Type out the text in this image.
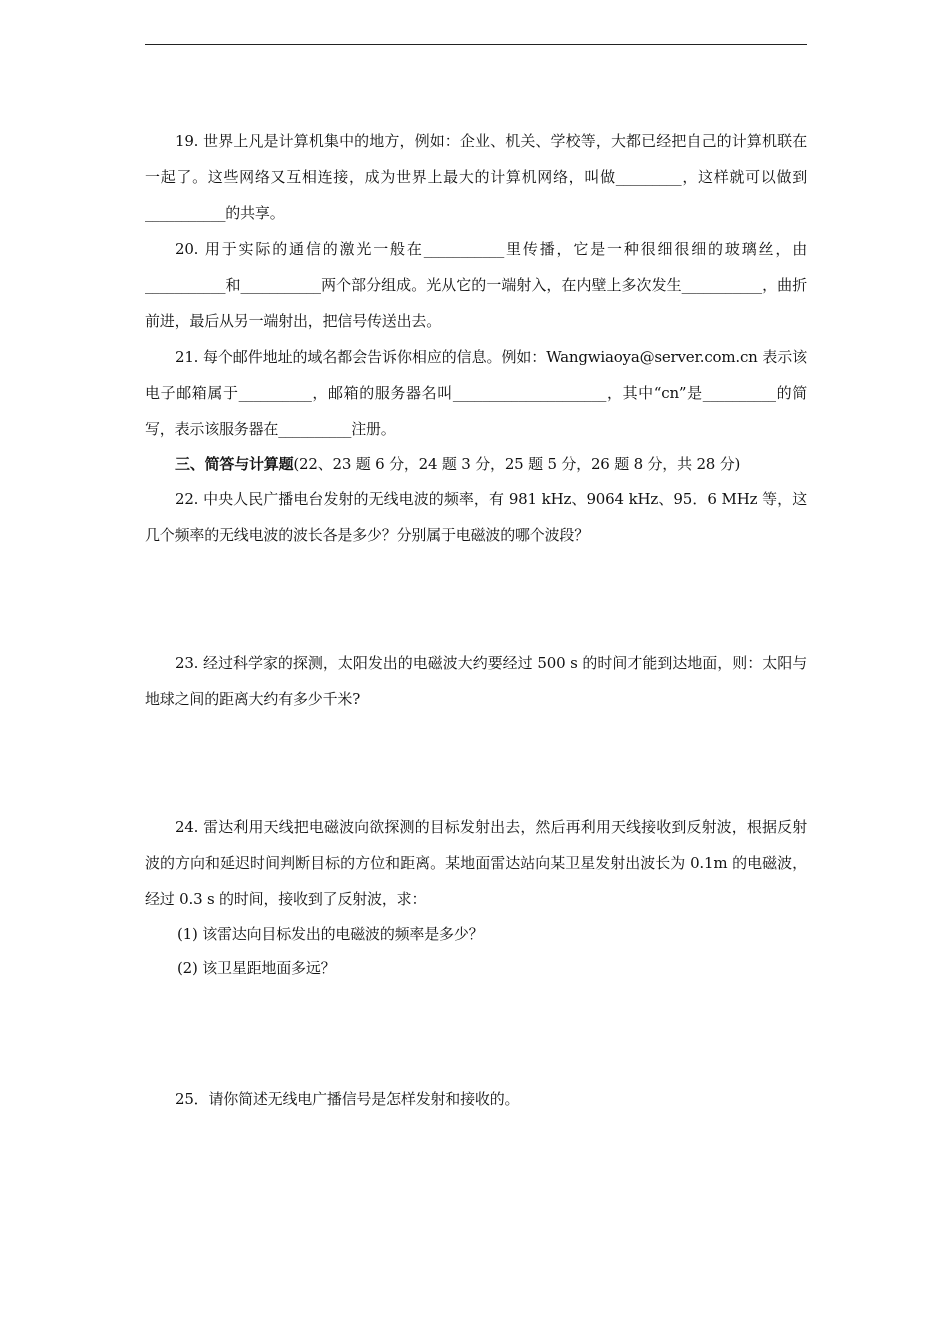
19. 世界上凡是计算机集中的地方，例如：企业、机关、学校等，大都已经把自己的计算机联在一起了。这些网络又互相连接，成为世界上最大的计算机网络，叫做_________，这样就可以做到___________的共享。

20. 用于实际的通信的激光一般在___________里传播，它是一种很细很细的玻璃丝，由___________和___________两个部分组成。光从它的一端射入，在内壁上多次发生___________，曲折前进，最后从另一端射出，把信号传送出去。

21. 每个邮件地址的域名都会告诉你相应的信息。例如：Wangwiaoya@server.com.cn 表示该电子邮箱属于__________，邮箱的服务器名叫_____________________，其中“cn”是__________的简写，表示该服务器在__________注册。

三、简答与计算题(22、23 题 6 分，24 题 3 分，25 题 5 分，26 题 8 分，共 28 分)

22. 中央人民广播电台发射的无线电波的频率，有 981 kHz、9064 kHz、95．6 MHz 等，这几个频率的无线电波的波长各是多少？分别属于电磁波的哪个波段？

23. 经过科学家的探测，太阳发出的电磁波大约要经过 500 s 的时间才能到达地面，则：太阳与地球之间的距离大约有多少千米?

24. 雷达利用天线把电磁波向欲探测的目标发射出去，然后再利用天线接收到反射波，根据反射波的方向和延迟时间判断目标的方位和距离。某地面雷达站向某卫星发射出波长为 0.1m 的电磁波，经过 0.3 s 的时间，接收到了反射波，求：

(1) 该雷达向目标发出的电磁波的频率是多少？

(2) 该卫星距地面多远？

25．请你简述无线电广播信号是怎样发射和接收的。
